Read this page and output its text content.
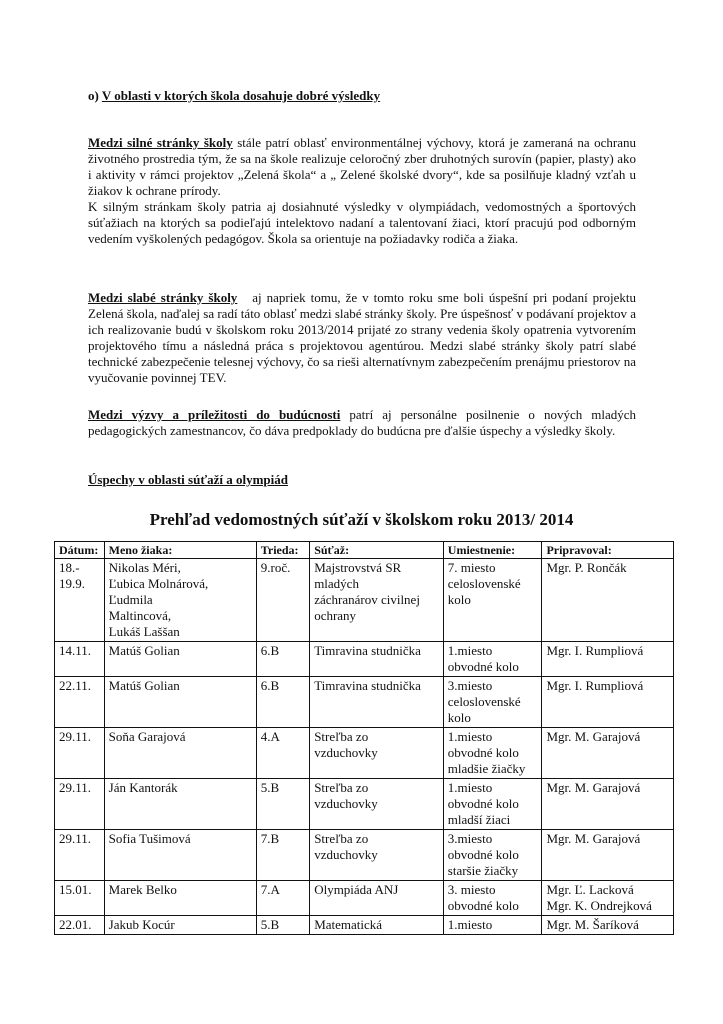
o) V oblasti v ktorých škola dosahuje dobré výsledky

Medzi silné stránky školy stále patrí oblasť environmentálnej výchovy, ktorá je zameraná na ochranu životného prostredia tým, že sa na škole realizuje celoročný zber druhotných surovín (papier, plasty) ako i aktivity v rámci projektov „Zelená škola“ a „ Zelené školské dvory“, kde sa posilňuje kladný vzťah u žiakov k ochrane prírody.

K silným stránkam školy patria aj dosiahnuté výsledky v olympiádach, vedomostných a športových súťažiach na ktorých sa podieľajú intelektovo nadaní a talentovaní žiaci, ktorí pracujú pod odborným vedením vyškolených pedagógov. Škola sa orientuje na požiadavky rodiča a žiaka.

Medzi slabé stránky školy   aj napriek tomu, že v tomto roku sme boli úspešní pri podaní projektu Zelená škola, naďalej sa radí táto oblasť medzi slabé stránky školy. Pre úspešnosť v podávaní projektov a ich realizovanie budú v školskom roku 2013/2014 prijaté zo strany vedenia školy opatrenia vytvorením projektového tímu a následná práca s projektovou agentúrou. Medzi slabé stránky školy patrí slabé technické zabezpečenie telesnej výchovy, čo sa rieši alternatívnym zabezpečením prenájmu priestorov na vyučovanie povinnej TEV.

Medzi výzvy a príležitosti do budúcnosti patrí aj personálne posilnenie o nových mladých pedagogických zamestnancov, čo dáva predpoklady do budúcna pre ďalšie úspechy a výsledky školy.

Úspechy v oblasti súťaží a olympiád
Prehľad vedomostných súťaží v školskom roku 2013/ 2014
Dátum:	Meno žiaka:	Trieda:	Súťaž:	Umiestnenie:	Pripravoval:
18.-
19.9.	Nikolas Méri,
Ľubica Molnárová,
Ľudmila
Maltincová,
Lukáš Laššan	9.roč.	Majstrovstvá SR
mladých
záchranárov civilnej
ochrany	7. miesto
celoslovenské
kolo	Mgr. P. Rončák
14.11.	Matúš Golian	6.B	Timravina studnička	1.miesto
obvodné kolo	Mgr. I. Rumpliová
22.11.	Matúš Golian	6.B	Timravina studnička	3.miesto
celoslovenské
kolo	Mgr. I. Rumpliová
29.11.	Soňa Garajová	4.A	Streľba zo
vzduchovky	1.miesto
obvodné kolo
mladšie žiačky	Mgr. M. Garajová
29.11.	Ján Kantorák	5.B	Streľba zo
vzduchovky	1.miesto
obvodné kolo
mladší žiaci	Mgr. M. Garajová
29.11.	Sofia Tušimová	7.B	Streľba zo
vzduchovky	3.miesto
obvodné kolo
staršie žiačky	Mgr. M. Garajová
15.01.	Marek Belko	7.A	Olympiáda ANJ	3. miesto
obvodné kolo	Mgr. Ľ. Lacková
Mgr. K. Ondrejková
22.01.	Jakub Kocúr	5.B	Matematická	1.miesto	Mgr. M. Šaríková
